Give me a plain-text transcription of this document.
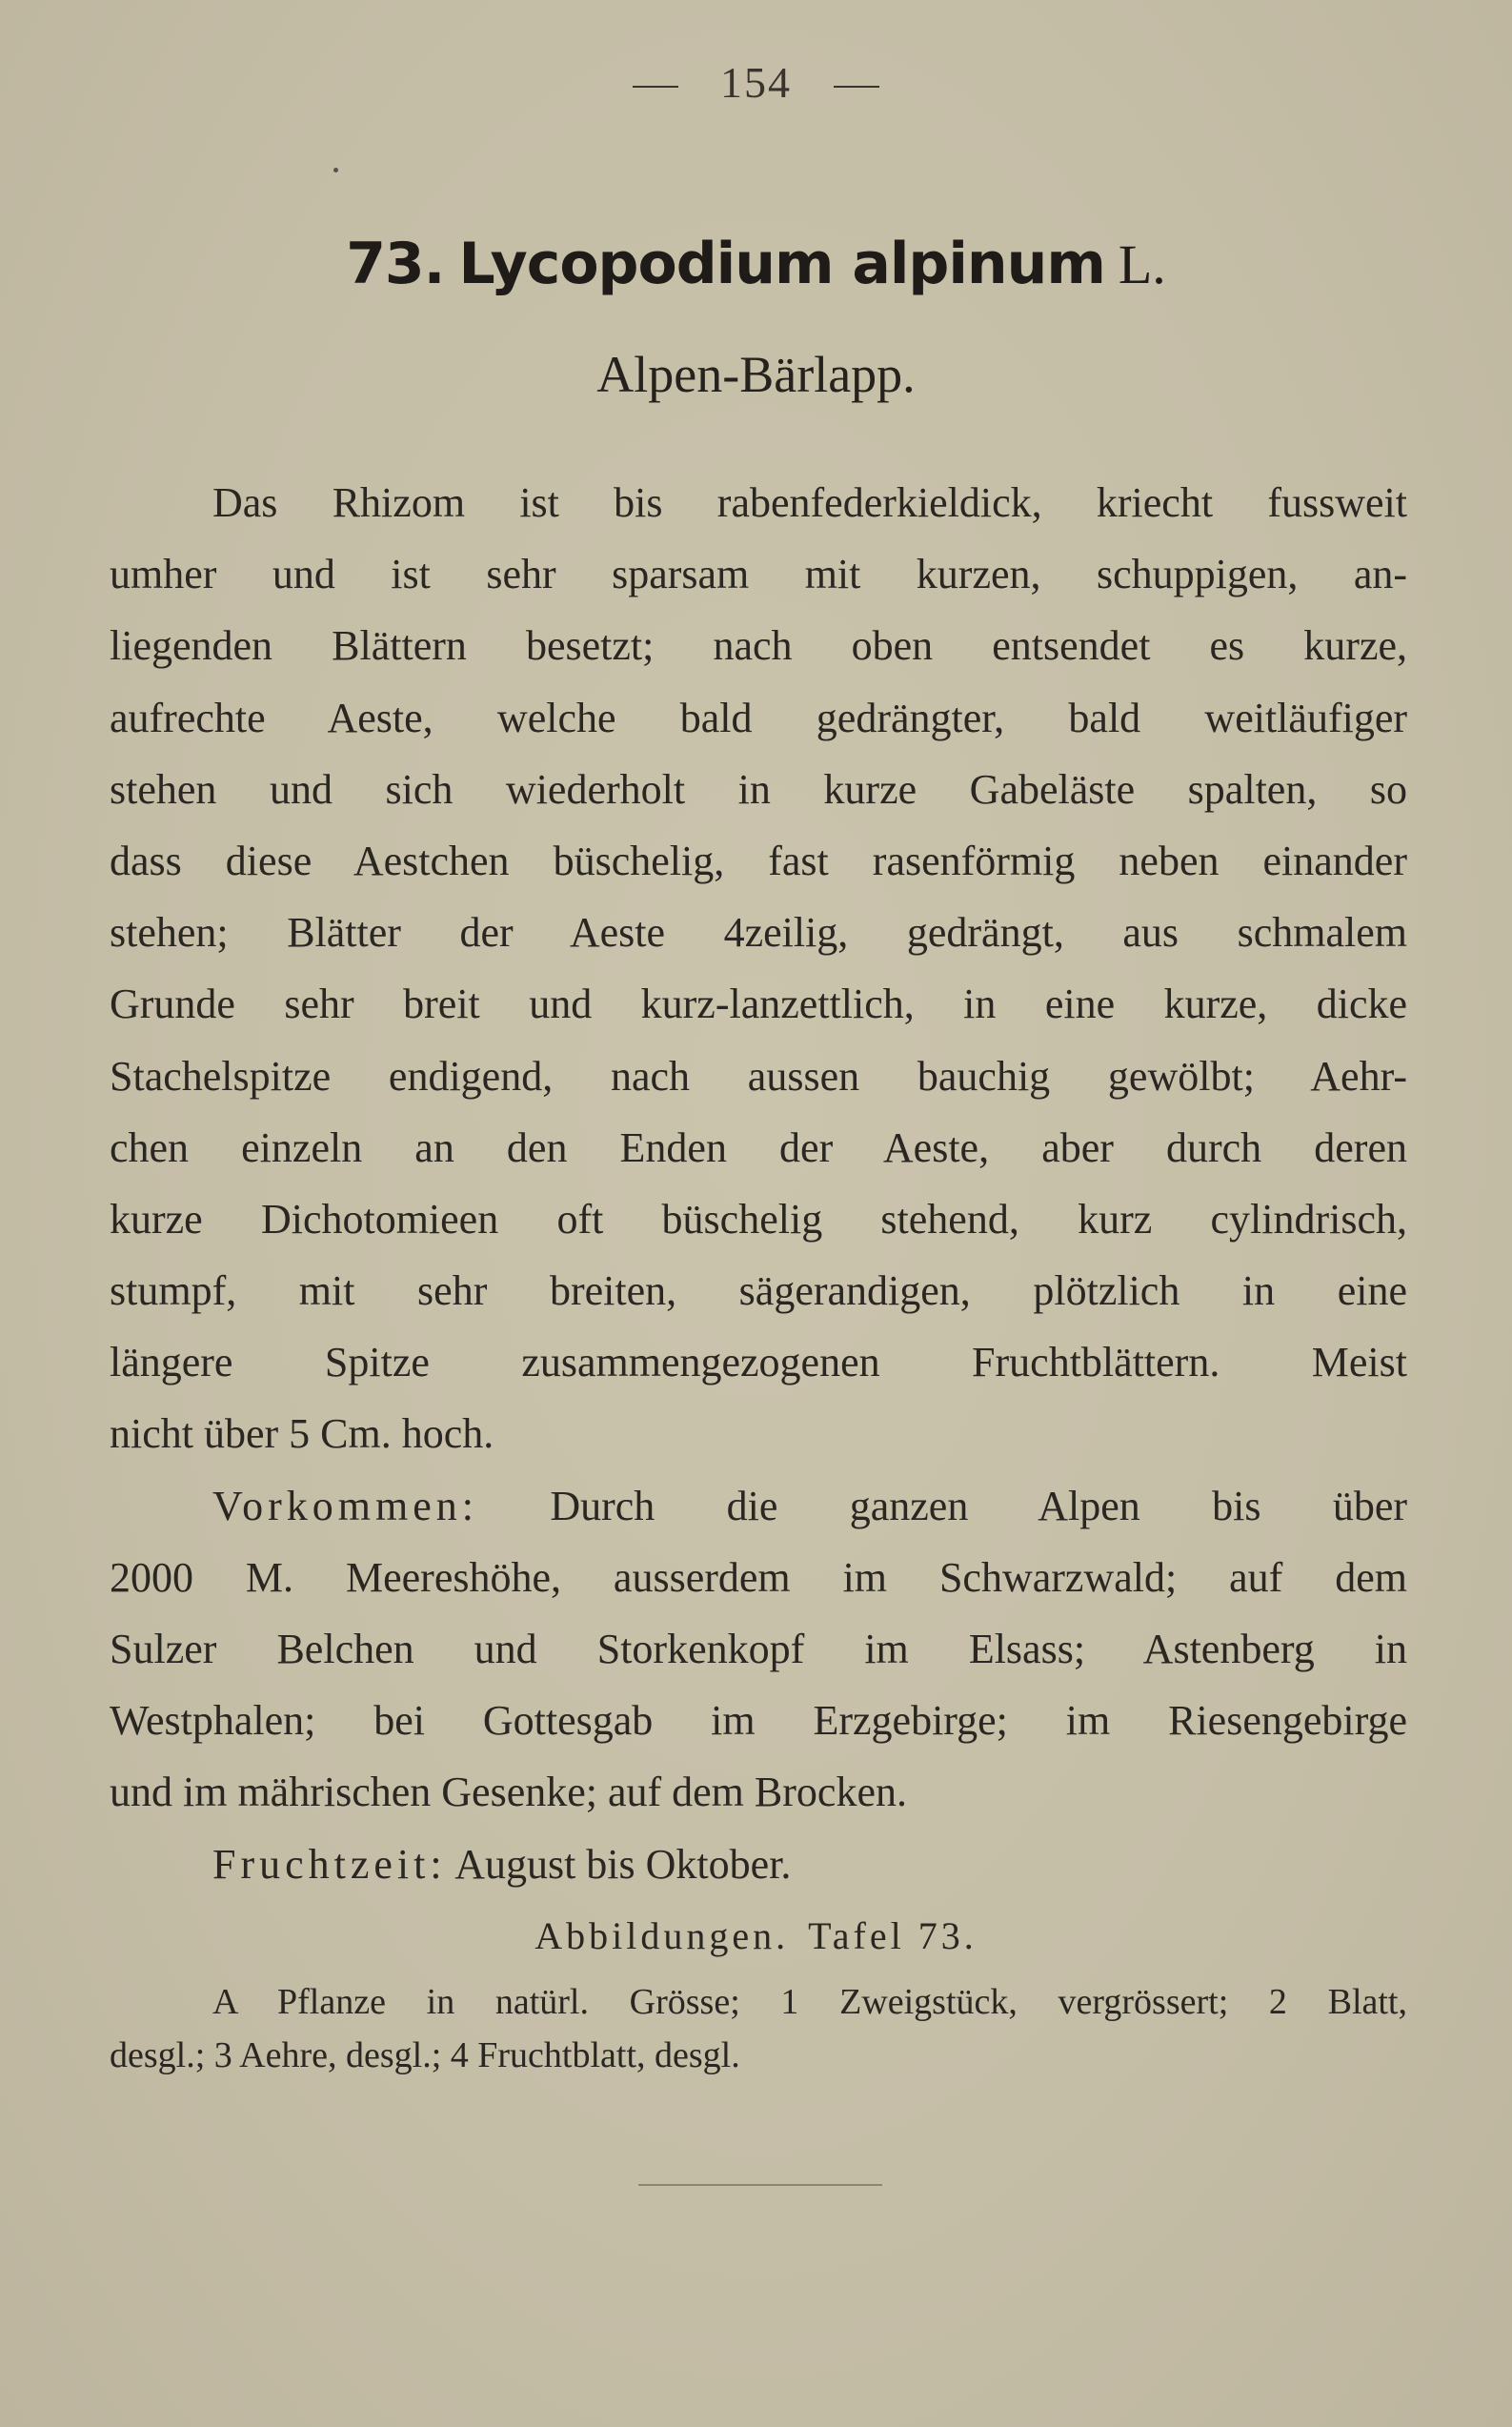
154
73. Lycopodium alpinum L.
Alpen-Bärlapp.
Das Rhizom ist bis rabenfederkieldick, kriecht fussweit
umher und ist sehr sparsam mit kurzen, schuppigen, an-
liegenden Blättern besetzt; nach oben entsendet es kurze,
aufrechte Aeste, welche bald gedrängter, bald weitläufiger
stehen und sich wiederholt in kurze Gabeläste spalten, so
dass diese Aestchen büschelig, fast rasenförmig neben einander
stehen; Blätter der Aeste 4zeilig, gedrängt, aus schmalem
Grunde sehr breit und kurz-lanzettlich, in eine kurze, dicke
Stachelspitze endigend, nach aussen bauchig gewölbt; Aehr-
chen einzeln an den Enden der Aeste, aber durch deren
kurze Dichotomieen oft büschelig stehend, kurz cylindrisch,
stumpf, mit sehr breiten, sägerandigen, plötzlich in eine
längere Spitze zusammengezogenen Fruchtblättern. Meist
nicht über 5 Cm. hoch.
Vorkommen: Durch die ganzen Alpen bis über
2000 M. Meereshöhe, ausserdem im Schwarzwald; auf dem
Sulzer Belchen und Storkenkopf im Elsass; Astenberg in
Westphalen; bei Gottesgab im Erzgebirge; im Riesengebirge
und im mährischen Gesenke; auf dem Brocken.
Fruchtzeit: August bis Oktober.
Abbildungen. Tafel 73.
A Pflanze in natürl. Grösse; 1 Zweigstück, vergrössert; 2 Blatt,
desgl.; 3 Aehre, desgl.; 4 Fruchtblatt, desgl.
